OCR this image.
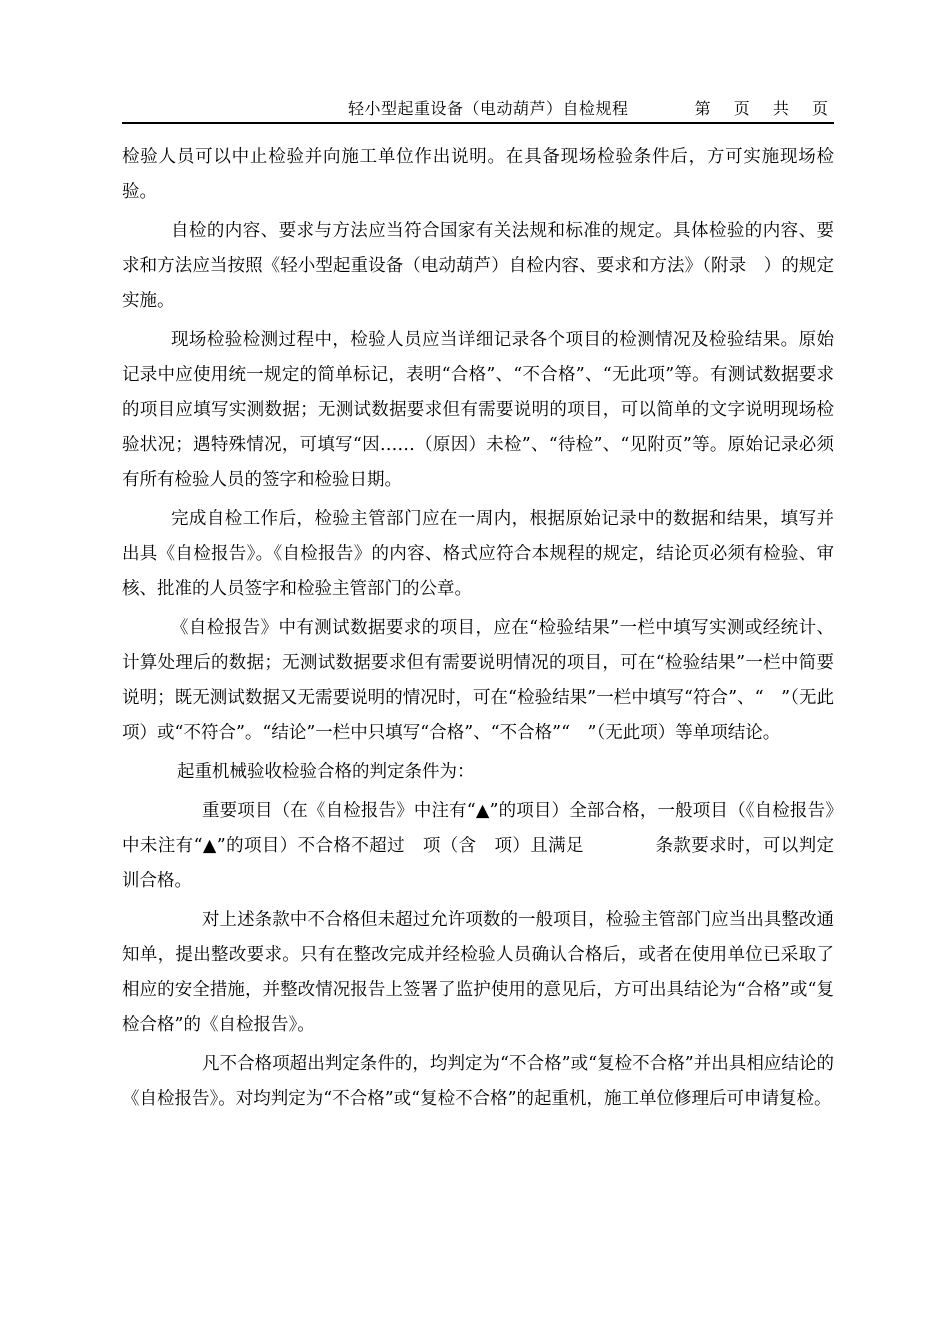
轻小型起重设备（电动葫芦）自检规程	第 页 共 页

检验人员可以中止检验并向施工单位作出说明。在具备现场检验条件后，方可实施现场检验。

自检的内容、要求与方法应当符合国家有关法规和标准的规定。具体检验的内容、要求和方法应当按照《轻小型起重设备（电动葫芦）自检内容、要求和方法》（附录　）的规定实施。

现场检验检测过程中，检验人员应当详细记录各个项目的检测情况及检验结果。原始记录中应使用统一规定的简单标记，表明“合格”、“不合格”、“无此项”等。有测试数据要求的项目应填写实测数据；无测试数据要求但有需要说明的项目，可以简单的文字说明现场检验状况；遇特殊情况，可填写“因……（原因）未检”、“待检”、“见附页”等。原始记录必须有所有检验人员的签字和检验日期。

完成自检工作后，检验主管部门应在一周内，根据原始记录中的数据和结果，填写并出具《自检报告》。《自检报告》的内容、格式应符合本规程的规定，结论页必须有检验、审核、批准的人员签字和检验主管部门的公章。

《自检报告》中有测试数据要求的项目，应在“检验结果”一栏中填写实测或经统计、计算处理后的数据；无测试数据要求但有需要说明情况的项目，可在“检验结果”一栏中简要说明；既无测试数据又无需要说明的情况时，可在“检验结果”一栏中填写“符合”、“　”（无此项）或“不符合”。“结论”一栏中只填写“合格”、“不合格”“　”（无此项）等单项结论。

起重机械验收检验合格的判定条件为：

重要项目（在《自检报告》中注有“▲”的项目）全部合格，一般项目（《自检报告》中未注有“▲”的项目）不合格不超过　项（含　项）且满足　　　　条款要求时，可以判定训合格。

对上述条款中不合格但未超过允许项数的一般项目，检验主管部门应当出具整改通知单，提出整改要求。只有在整改完成并经检验人员确认合格后，或者在使用单位已采取了相应的安全措施，并整改情况报告上签署了监护使用的意见后，方可出具结论为“合格”或“复检合格”的《自检报告》。

凡不合格项超出判定条件的，均判定为“不合格”或“复检不合格”并出具相应结论的《自检报告》。对均判定为“不合格”或“复检不合格”的起重机，施工单位修理后可申请复检。
